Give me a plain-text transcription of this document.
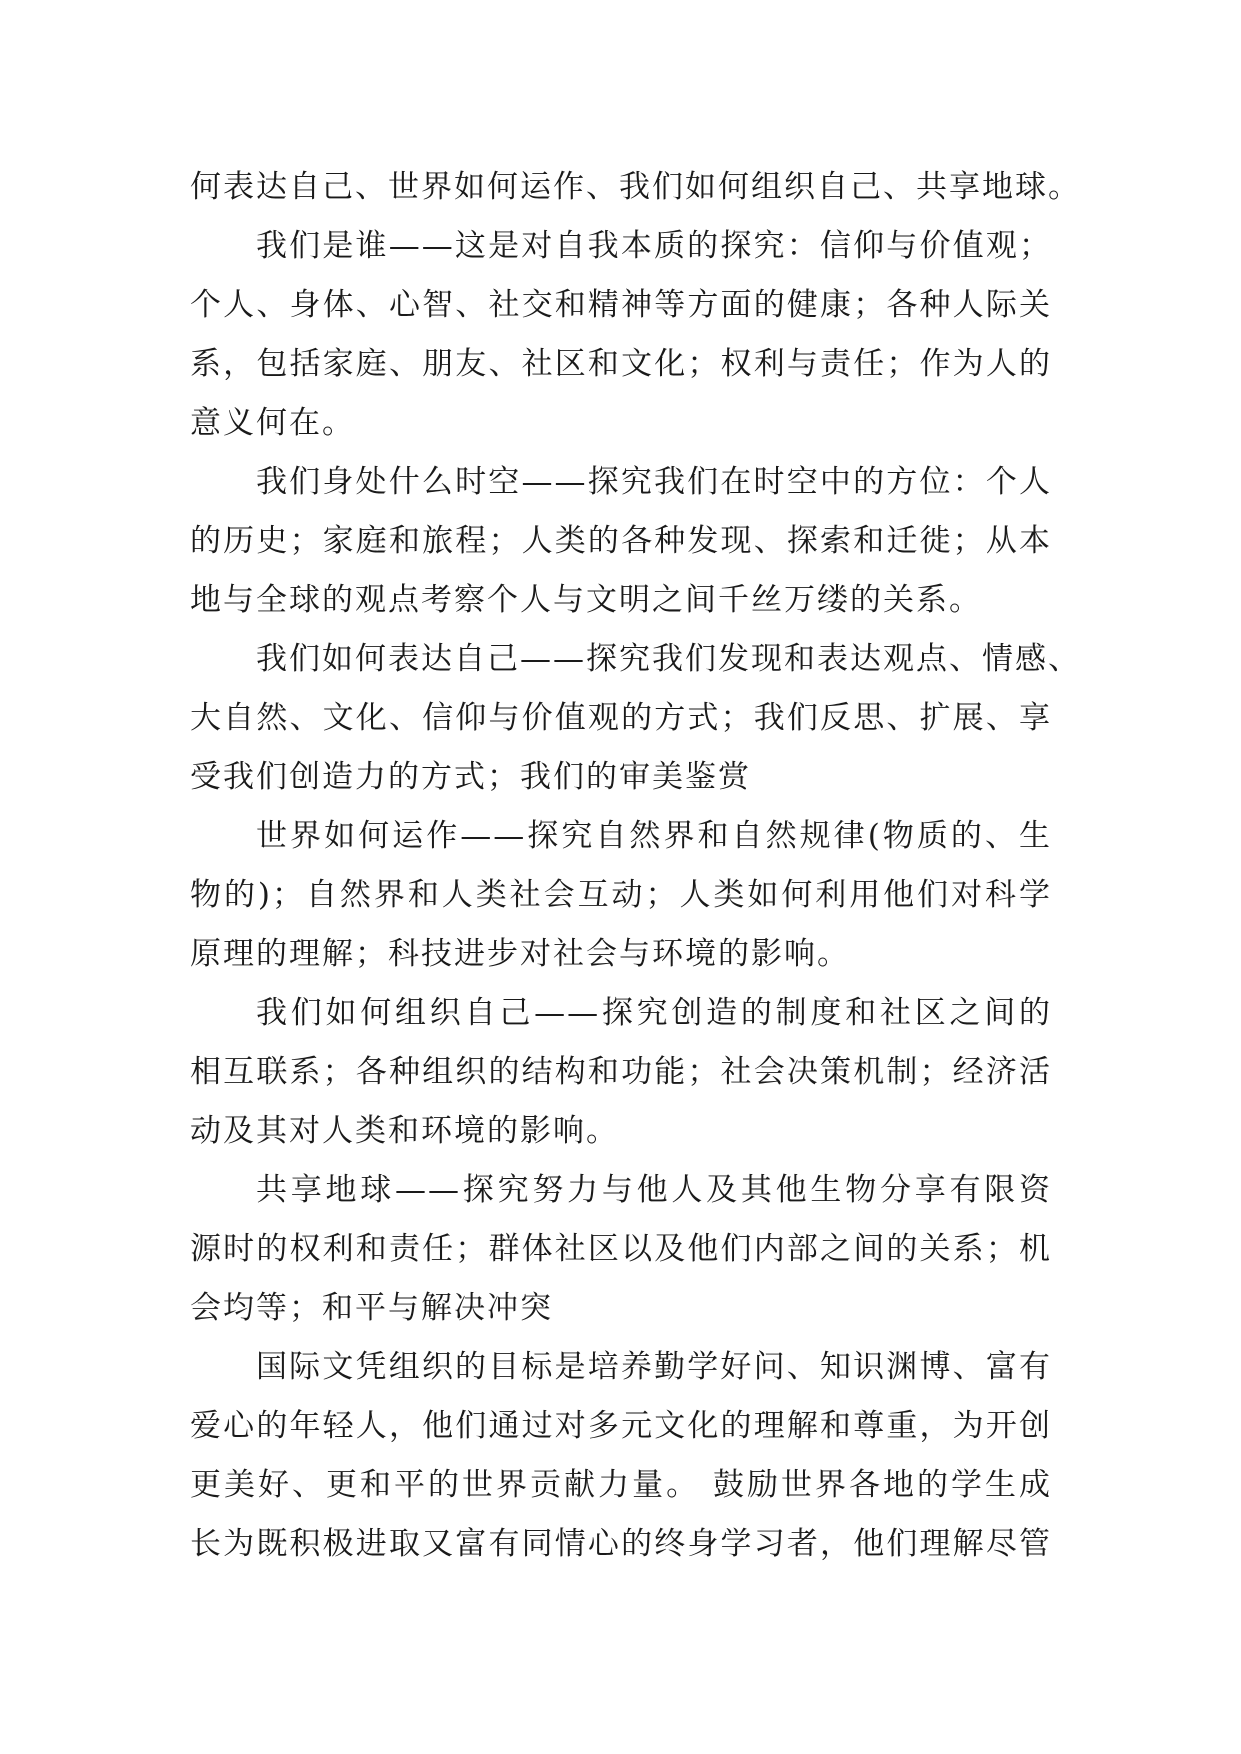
何表达自己、世界如何运作、我们如何组织自己、共享地球。
我们是谁——这是对自我本质的探究：信仰与价值观；
个人、身体、心智、社交和精神等方面的健康；各种人际关
系，包括家庭、朋友、社区和文化；权利与责任；作为人的
意义何在。
我们身处什么时空——探究我们在时空中的方位：个人
的历史；家庭和旅程；人类的各种发现、探索和迁徙；从本
地与全球的观点考察个人与文明之间千丝万缕的关系。
我们如何表达自己——探究我们发现和表达观点、情感、
大自然、文化、信仰与价值观的方式；我们反思、扩展、享
受我们创造力的方式；我们的审美鉴赏
世界如何运作——探究自然界和自然规律(物质的、生
物的)；自然界和人类社会互动；人类如何利用他们对科学
原理的理解；科技进步对社会与环境的影响。
我们如何组织自己——探究创造的制度和社区之间的
相互联系；各种组织的结构和功能；社会决策机制；经济活
动及其对人类和环境的影响。
共享地球——探究努力与他人及其他生物分享有限资
源时的权利和责任；群体社区以及他们内部之间的关系；机
会均等；和平与解决冲突
国际文凭组织的目标是培养勤学好问、知识渊博、富有
爱心的年轻人，他们通过对多元文化的理解和尊重，为开创
更美好、更和平的世界贡献力量。 鼓励世界各地的学生成
长为既积极进取又富有同情心的终身学习者，他们理解尽管
